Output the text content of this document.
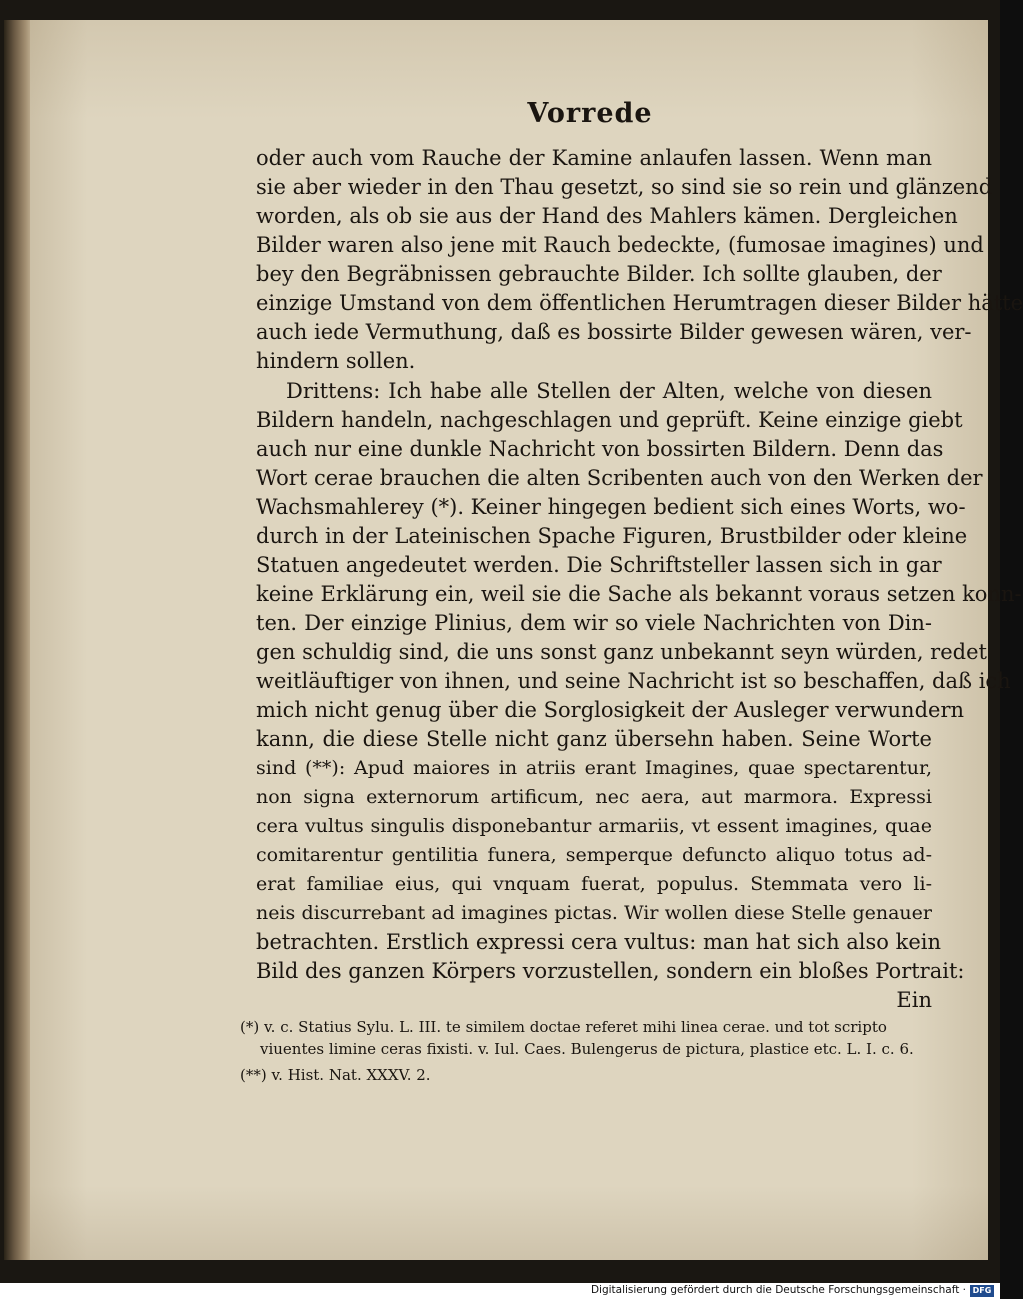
Vorrede
oder auch vom Rauche der Kamine anlaufen lassen. Wenn man
sie aber wieder in den Thau gesetzt, so sind sie so rein und glänzend
worden, als ob sie aus der Hand des Mahlers kämen. Dergleichen
Bilder waren also jene mit Rauch bedeckte, (fumosae imagines) und
bey den Begräbnissen gebrauchte Bilder. Ich sollte glauben, der
einzige Umstand von dem öffentlichen Herumtragen dieser Bilder hätte
auch iede Vermuthung, daß es bossirte Bilder gewesen wären, ver-
hindern sollen.
Drittens: Ich habe alle Stellen der Alten, welche von diesen
Bildern handeln, nachgeschlagen und geprüft. Keine einzige giebt
auch nur eine dunkle Nachricht von bossirten Bildern. Denn das
Wort cerae brauchen die alten Scribenten auch von den Werken der
Wachsmahlerey (*). Keiner hingegen bedient sich eines Worts, wo-
durch in der Lateinischen Spache Figuren, Brustbilder oder kleine
Statuen angedeutet werden. Die Schriftsteller lassen sich in gar
keine Erklärung ein, weil sie die Sache als bekannt voraus setzen konn-
ten. Der einzige Plinius, dem wir so viele Nachrichten von Din-
gen schuldig sind, die uns sonst ganz unbekannt seyn würden, redet
weitläuftiger von ihnen, und seine Nachricht ist so beschaffen, daß ich
mich nicht genug über die Sorglosigkeit der Ausleger verwundern
kann, die diese Stelle nicht ganz übersehn haben. Seine Worte
sind (**): Apud maiores in atriis erant Imagines, quae spectarentur,
non signa externorum artificum, nec aera, aut marmora. Expressi
cera vultus singulis disponebantur armariis, vt essent imagines, quae
comitarentur gentilitia funera, semperque defuncto aliquo totus ad-
erat familiae eius, qui vnquam fuerat, populus. Stemmata vero li-
neis discurrebant ad imagines pictas. Wir wollen diese Stelle genauer
betrachten. Erstlich expressi cera vultus: man hat sich also kein
Bild des ganzen Körpers vorzustellen, sondern ein bloßes Portrait:
Ein
(*) v. c. Statius Sylu. L. III. te similem doctae referet mihi linea cerae. und tot scripto
viuentes limine ceras fixisti. v. Iul. Caes. Bulengerus de pictura, plastice etc. L. I. c. 6.
(**) v. Hist. Nat. XXXV. 2.
Digitalisierung gefördert durch die Deutsche Forschungsgemeinschaft · DFG
